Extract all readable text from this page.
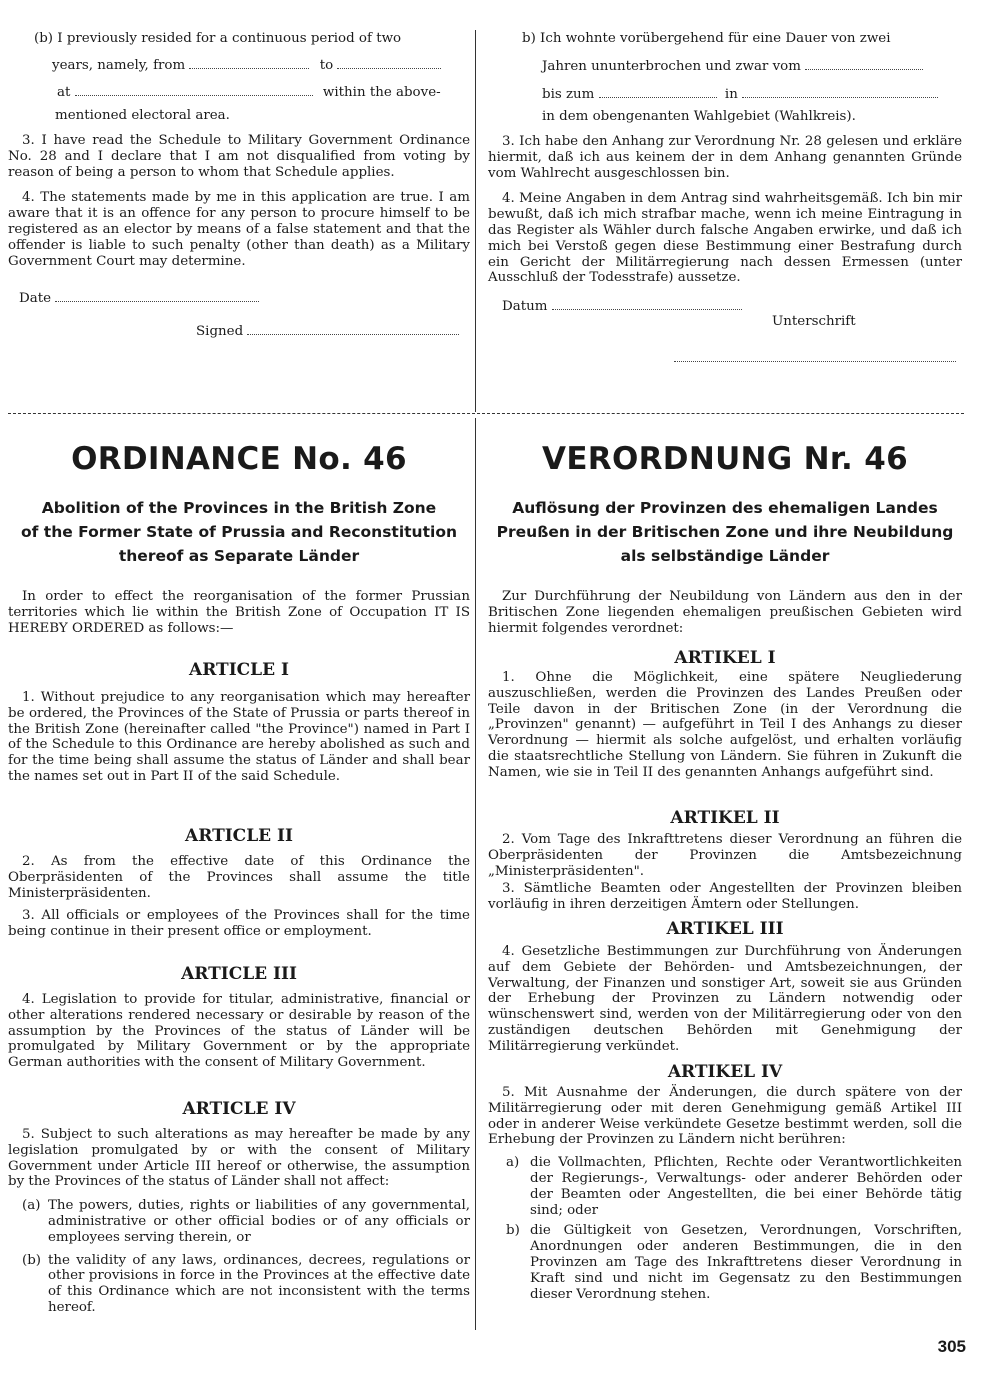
(b) I previously resided for a continuous period of two
years, namely, from	to
at	within the above-
mentioned electoral area.
3. I have read the Schedule to Military Government Ordinance No. 28 and I declare that I am not disqualified from voting by reason of being a person to whom that Schedule applies.
4. The statements made by me in this application are true. I am aware that it is an offence for any person to procure himself to be registered as an elector by means of a false statement and that the offender is liable to such penalty (other than death) as a Military Government Court may determine.
Date
Signed
b) Ich wohnte vorübergehend für eine Dauer von zwei
Jahren ununterbrochen und zwar vom
bis zum	in
in dem obengenanten Wahlgebiet (Wahlkreis).
3. Ich habe den Anhang zur Verordnung Nr. 28 gelesen und erkläre hiermit, daß ich aus keinem der in dem Anhang genannten Gründe vom Wahlrecht ausgeschlossen bin.
4. Meine Angaben in dem Antrag sind wahrheitsgemäß. Ich bin mir bewußt, daß ich mich strafbar mache, wenn ich meine Eintragung in das Register als Wähler durch falsche Angaben erwirke, und daß ich mich bei Verstoß gegen diese Bestimmung einer Bestrafung durch ein Gericht der Militärregierung nach dessen Ermessen (unter Ausschluß der Todesstrafe) aussetze.
Datum
Unterschrift
ORDINANCE No. 46	VERORDNUNG Nr. 46
Abolition of the Provinces in the British Zone
of the Former State of Prussia and Reconstitution
thereof as Separate Länder
Auflösung der Provinzen des ehemaligen Landes
Preußen in der Britischen Zone und ihre Neubildung
als selbständige Länder
In order to effect the reorganisation of the former Prussian territories which lie within the British Zone of Occupation IT IS HEREBY ORDERED as follows:—
ARTICLE I
1. Without prejudice to any reorganisation which may hereafter be ordered, the Provinces of the State of Prussia or parts thereof in the British Zone (hereinafter called "the Province") named in Part I of the Schedule to this Ordinance are hereby abolished as such and for the time being shall assume the status of Länder and shall bear the names set out in Part II of the said Schedule.
ARTICLE II
2. As from the effective date of this Ordinance the Oberpräsidenten of the Provinces shall assume the title Ministerpräsidenten.
3. All officials or employees of the Provinces shall for the time being continue in their present office or employment.
ARTICLE III
4. Legislation to provide for titular, administrative, financial or other alterations rendered necessary or desirable by reason of the assumption by the Provinces of the status of Länder will be promulgated by Military Government or by the appropriate German authorities with the consent of Military Government.
ARTICLE IV
5. Subject to such alterations as may hereafter be made by any legislation promulgated by or with the consent of Military Government under Article III hereof or otherwise, the assumption by the Provinces of the status of Länder shall not affect:
(a) The powers, duties, rights or liabilities of any governmental, administrative or other official bodies or of any officials or employees serving therein, or
(b) the validity of any laws, ordinances, decrees, regulations or other provisions in force in the Provinces at the effective date of this Ordinance which are not inconsistent with the terms hereof.
Zur Durchführung der Neubildung von Ländern aus den in der Britischen Zone liegenden ehemaligen preußischen Gebieten wird hiermit folgendes verordnet:
ARTIKEL I
1. Ohne die Möglichkeit, eine spätere Neugliederung auszuschließen, werden die Provinzen des Landes Preußen oder Teile davon in der Britischen Zone (in der Verordnung die „Provinzen" genannt) — aufgeführt in Teil I des Anhangs zu dieser Verordnung — hiermit als solche aufgelöst, und erhalten vorläufig die staatsrechtliche Stellung von Ländern. Sie führen in Zukunft die Namen, wie sie in Teil II des genannten Anhangs aufgeführt sind.
ARTIKEL II
2. Vom Tage des Inkrafttretens dieser Verordnung an führen die Oberpräsidenten der Provinzen die Amtsbezeichnung „Ministerpräsidenten".
3. Sämtliche Beamten oder Angestellten der Provinzen bleiben vorläufig in ihren derzeitigen Ämtern oder Stellungen.
ARTIKEL III
4. Gesetzliche Bestimmungen zur Durchführung von Änderungen auf dem Gebiete der Behörden- und Amtsbezeichnungen, der Verwaltung, der Finanzen und sonstiger Art, soweit sie aus Gründen der Erhebung der Provinzen zu Ländern notwendig oder wünschenswert sind, werden von der Militärregierung oder von den zuständigen deutschen Behörden mit Genehmigung der Militärregierung verkündet.
ARTIKEL IV
5. Mit Ausnahme der Änderungen, die durch spätere von der Militärregierung oder mit deren Genehmigung gemäß Artikel III oder in anderer Weise verkündete Gesetze bestimmt werden, soll die Erhebung der Provinzen zu Ländern nicht berühren:
a) die Vollmachten, Pflichten, Rechte oder Verantwortlichkeiten der Regierungs-, Verwaltungs- oder anderer Behörden oder der Beamten oder Angestellten, die bei einer Behörde tätig sind; oder
b) die Gültigkeit von Gesetzen, Verordnungen, Vorschriften, Anordnungen oder anderen Bestimmungen, die in den Provinzen am Tage des Inkrafttretens dieser Verordnung in Kraft sind und nicht im Gegensatz zu den Bestimmungen dieser Verordnung stehen.
305
